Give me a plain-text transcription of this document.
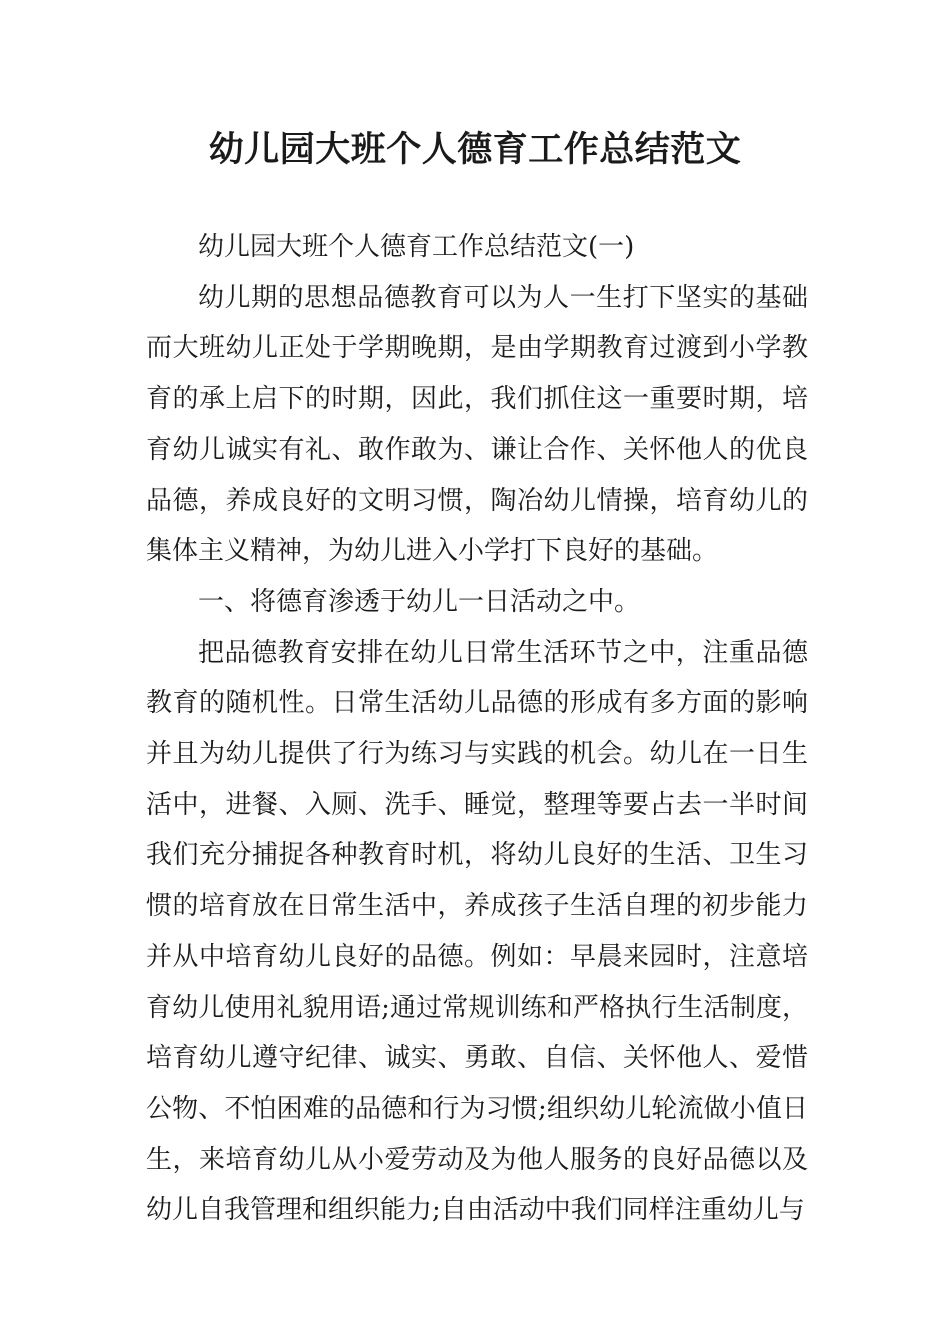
幼儿园大班个人德育工作总结范文

幼儿园大班个人德育工作总结范文(一)

幼儿期的思想品德教育可以为人一生打下坚实的基础而大班幼儿正处于学期晚期，是由学期教育过渡到小学教育的承上启下的时期，因此，我们抓住这一重要时期，培育幼儿诚实有礼、敢作敢为、谦让合作、关怀他人的优良品德，养成良好的文明习惯，陶冶幼儿情操，培育幼儿的集体主义精神，为幼儿进入小学打下良好的基础。

一、将德育渗透于幼儿一日活动之中。

把品德教育安排在幼儿日常生活环节之中，注重品德教育的随机性。日常生活幼儿品德的形成有多方面的影响并且为幼儿提供了行为练习与实践的机会。幼儿在一日生活中，进餐、入厕、洗手、睡觉，整理等要占去一半时间我们充分捕捉各种教育时机，将幼儿良好的生活、卫生习惯的培育放在日常生活中，养成孩子生活自理的初步能力并从中培育幼儿良好的品德。例如：早晨来园时，注意培育幼儿使用礼貌用语;通过常规训练和严格执行生活制度，培育幼儿遵守纪律、诚实、勇敢、自信、关怀他人、爱惜公物、不怕困难的品德和行为习惯;组织幼儿轮流做小值日生，来培育幼儿从小爱劳动及为他人服务的良好品德以及幼儿自我管理和组织能力;自由活动中我们同样注重幼儿与
